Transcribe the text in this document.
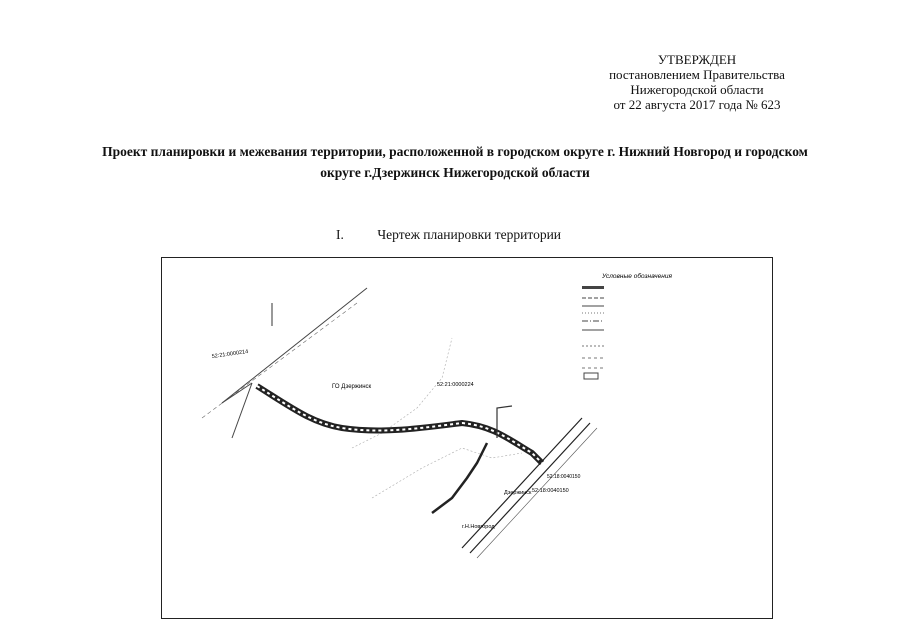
УТВЕРЖДЕН
постановлением Правительства
Нижегородской области
от 22 августа 2017 года № 623
Проект планировки и межевания территории, расположенной в городском округе г. Нижний Новгород и городском
округе г.Дзержинск Нижегородской области
I. Чертеж планировки территории
52:21:0000214
52:21:0000224
52:18:0040150
52:18:0040150
ГО Дзержинск
г.Н.Новгород
Дзержинск
Условные обозначения
